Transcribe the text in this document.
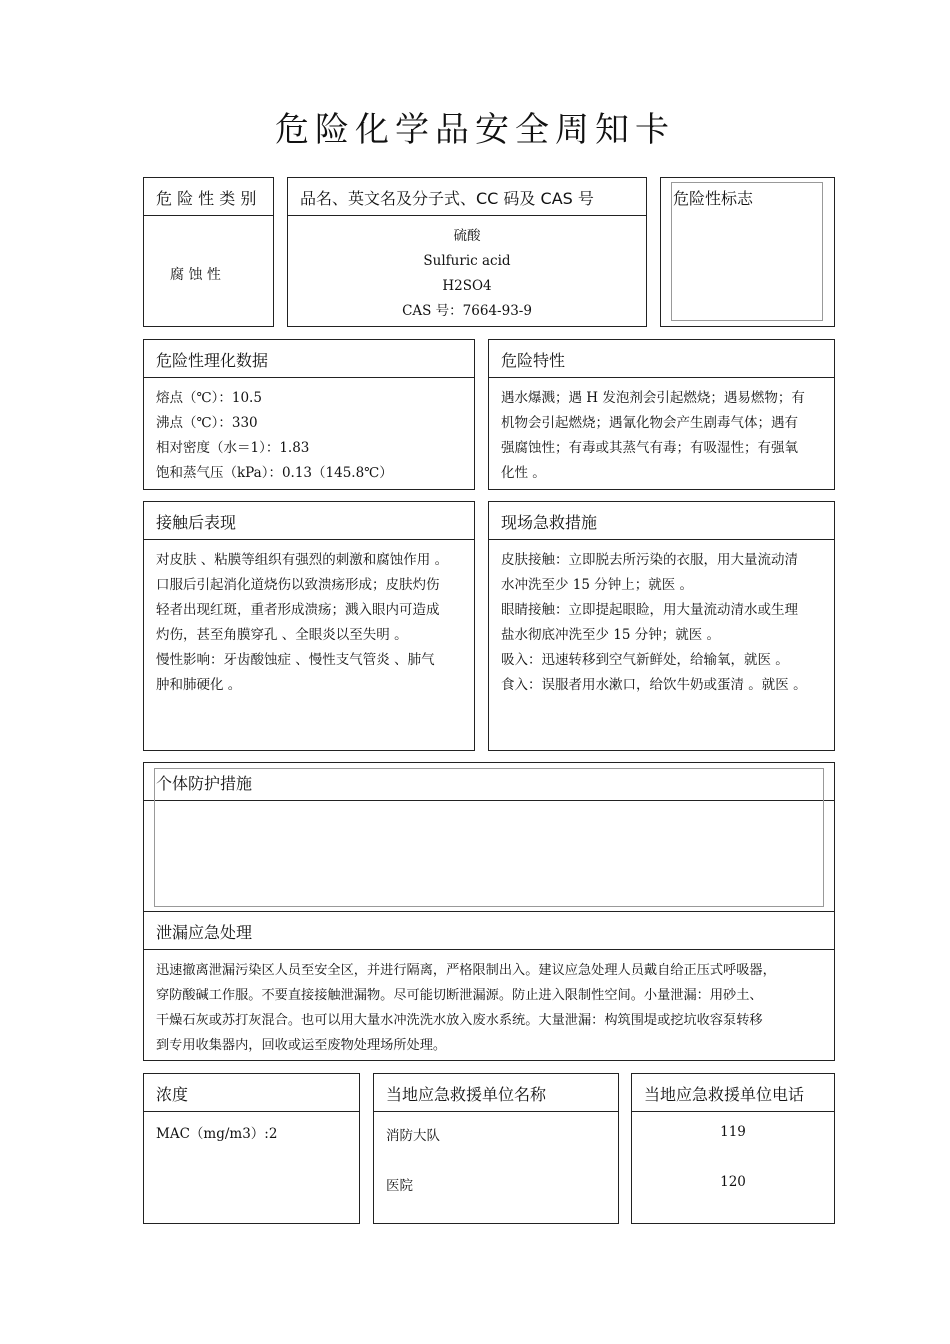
危险化学品安全周知卡
危 险 性 类 别
腐 蚀 性
品名、英文名及分子式、CC 码及 CAS 号
硫酸
Sulfuric acid
H2SO4
CAS 号：7664-93-9
危险性标志
危险性理化数据
熔点（℃）：10.5
沸点（℃）：330
相对密度（水＝1）：1.83
饱和蒸气压（kPa）：0.13（145.8℃）
危险特性
遇水爆溅；遇 H 发泡剂会引起燃烧；遇易燃物；有
机物会引起燃烧；遇氰化物会产生剧毒气体；遇有
强腐蚀性；有毒或其蒸气有毒；有吸湿性；有强氧
化性 。
接触后表现
对皮肤 、粘膜等组织有强烈的刺激和腐蚀作用 。
口服后引起消化道烧伤以致溃疡形成；皮肤灼伤
轻者出现红斑，重者形成溃疡；溅入眼内可造成
灼伤，甚至角膜穿孔 、全眼炎以至失明 。
慢性影响：牙齿酸蚀症 、慢性支气管炎 、肺气
肿和肺硬化 。
现场急救措施
皮肤接触：立即脱去所污染的衣服，用大量流动清
水冲洗至少 15 分钟上；就医 。
眼睛接触：立即提起眼睑，用大量流动清水或生理
盐水彻底冲洗至少 15 分钟；就医 。
吸入：迅速转移到空气新鲜处，给输氧，就医 。
食入：误服者用水漱口，给饮牛奶或蛋清 。就医 。
个体防护措施
泄漏应急处理
迅速撤离泄漏污染区人员至安全区，并进行隔离，严格限制出入。建议应急处理人员戴自给正压式呼吸器，
穿防酸碱工作服。不要直接接触泄漏物。尽可能切断泄漏源。防止进入限制性空间。小量泄漏：用砂土、
干燥石灰或苏打灰混合。也可以用大量水冲洗洗水放入废水系统。大量泄漏：构筑围堤或挖坑收容泵转移
到专用收集器内，回收或运至废物处理场所处理。
浓度
MAC（mg/m3）:2
当地应急救援单位名称
消防大队
医院
当地应急救援单位电话
119
120
